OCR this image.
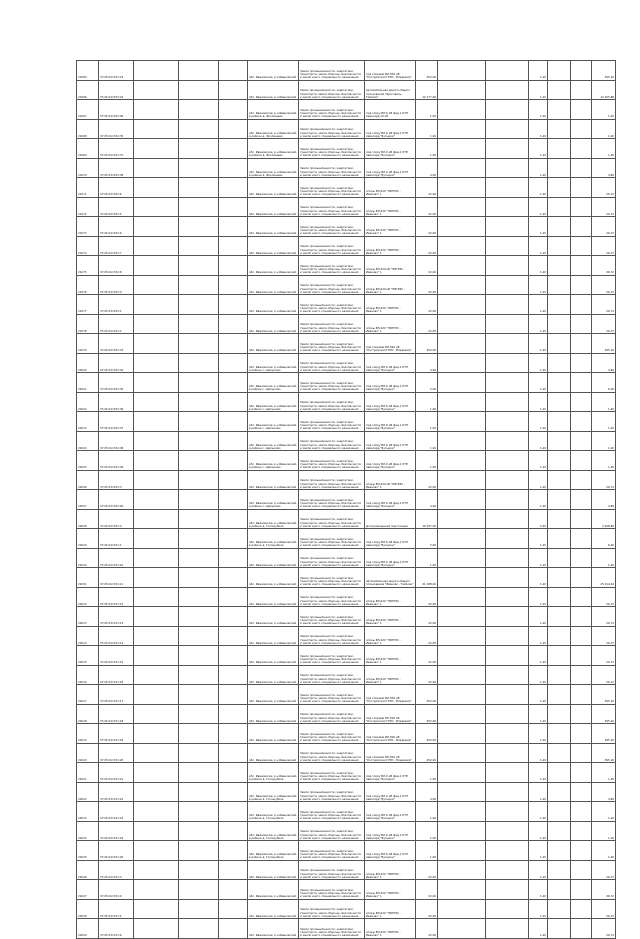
21065	37:05:011703:23				обл. Ивановская, р-н Ивановский	Земли промышленности, энергетики, транспорта, земли обороны, безопасности и земли иного специального назначения	под опорами ВЛ-500 кВ "Костромская ГРЭС - Владимир"	452.00			1,20			395,16
21066	37:05:011703:24				обл. Ивановская, р-н Ивановский	Земли промышленности, энергетики, транспорта, земли обороны, безопасности и земли иного специального назначения	автомобильная дорога общего пользования "Ярославль - Тейково"	10 177.00			1,20			12 205,88
21067	37:05:011702:36				обл. Ивановская, р-н Ивановский, в районе д. Фролищево	Земли промышленности, энергетики, транспорта, земли обороны, безопасности и земли иного специального назначения	под опору ВЛ-6 кВ фид.1 КТП Авангард 10 кВ	1.00			1,20			1,20
21068	37:05:011702:35				обл. Ивановская, р-н Ивановский, в районе д. Фролищево	Земли промышленности, энергетики, транспорта, земли обороны, безопасности и земли иного специального назначения	под опору ВЛ-6 кВ фид.1 КТП Авангард "Бутырки"	1.00			1,20			1,20
21069	37:05:011702:37				обл. Ивановская, р-н Ивановский, в районе д. Фролищево	Земли промышленности, энергетики, транспорта, земли обороны, безопасности и земли иного специального назначения	под опору ВЛ-6 кВ фид.1 КТП Авангард "Бутырки"	1.00			1,20			1,20
21070	37:05:011702:38				обл. Ивановская, р-н Ивановский, в районе д. Фролищево	Земли промышленности, энергетики, транспорта, земли обороны, безопасности и земли иного специального назначения	под опору ВЛ-6 кВ фид.1 КТП Авангард "Бутырки"	4.00			1,20			4,80
21071	37:05:011702:6				обл. Ивановская, р-н Ивановский	Земли промышленности, энергетики, транспорта, земли обороны, безопасности и земли иного специального назначения	опоры ВЛ-220 "НИГРЭС - Иваново" 1	22.00			1,20			26,72
21072	37:05:011702:5				обл. Ивановская, р-н Ивановский	Земли промышленности, энергетики, транспорта, земли обороны, безопасности и земли иного специального назначения	опоры ВЛ-220 "НИГРЭС - Иваново" 1	22.00			1,20			26,72
21073	37:05:011702:6				обл. Ивановская, р-н Ивановский	Земли промышленности, энергетики, транспорта, земли обороны, безопасности и земли иного специального назначения	опоры ВЛ-220 "НИГРЭС - Иваново" 1	22.00			1,20			26,72
21074	37:05:011702:7				обл. Ивановская, р-н Ивановский	Земли промышленности, энергетики, транспорта, земли обороны, безопасности и земли иного специального назначения	опоры ВЛ-220 "НИГРЭС - Иваново" 1	22.00			1,20			26,72
21075	37:05:011702:8				обл. Ивановская, р-н Ивановский	Земли промышленности, энергетики, транспорта, земли обороны, безопасности и земли иного специального назначения	опоры ВЛ-220 кВ "НИГРЭС - Иваново" 1	22.00			1,20			26,72
21076	37:05:011702:9				обл. Ивановская, р-н Ивановский	Земли промышленности, энергетики, транспорта, земли обороны, безопасности и земли иного специального назначения	опоры ВЛ-220 кВ "НИГРЭС - Иваново" 1	22.00			1,20			26,72
21077	37:05:011702:1				обл. Ивановская, р-н Ивановский	Земли промышленности, энергетики, транспорта, земли обороны, безопасности и земли иного специального назначения	опоры ВЛ-220 "НИГРЭС - Иваново" 1	22.00			1,20			26,72
21078	37:05:011702:2				обл. Ивановская, р-н Ивановский	Земли промышленности, энергетики, транспорта, земли обороны, безопасности и земли иного специального назначения	опоры ВЛ-220 "НИГРЭС - Иваново" 1	22.00			1,20			26,72
21079	37:05:011702:33				обл. Ивановская, р-н Ивановский	Земли промышленности, энергетики, транспорта, земли обороны, безопасности и земли иного специального назначения	под опорами ВЛ-500 кВ "Костромская ГРЭС - Владимир"	452.00			1,20			395,16
22020	37:05:011702:34				обл. Ивановская, р-н Ивановский, в районе с. Щелыково	Земли промышленности, энергетики, транспорта, земли обороны, безопасности и земли иного специального назначения	под опору ВЛ-6 кВ фид.1 КТП Авангард "Бутырки"	4.00			1,20			4,80
22021	37:05:011702:35				обл. Ивановская, р-н Ивановский, в районе с. Щелыково	Земли промышленности, энергетики, транспорта, земли обороны, безопасности и земли иного специального назначения	под опору ВЛ-6 кВ фид.1 КТП Авангард "Бутырки"	5.00			1,20			6,00
22022	37:05:011702:36				обл. Ивановская, р-н Ивановский, в районе с. Щелыково	Земли промышленности, энергетики, транспорта, земли обороны, безопасности и земли иного специального назначения	под опору ВЛ-6 кВ фид.1 КТП Авангард "Бутырки"	1.00			1,20			1,20
22023	37:05:011702:37				обл. Ивановская, р-н Ивановский, в районе с. Щелыково	Земли промышленности, энергетики, транспорта, земли обороны, безопасности и земли иного специального назначения	под опору ВЛ-6 кВ фид.1 КТП Авангард "Бутырки"	1.00			1,20			1,20
22024	37:05:011702:38				обл. Ивановская, р-н Ивановский, в районе с. Щелыково	Земли промышленности, энергетики, транспорта, земли обороны, безопасности и земли иного специального назначения	под опору ВЛ-6 кВ фид.1 КТП Авангард "Бутырки"	1.00			1,20			1,20
22025	37:05:011702:39				обл. Ивановская, р-н Ивановский, в районе с. Щелыково	Земли промышленности, энергетики, транспорта, земли обороны, безопасности и земли иного специального назначения	под опору ВЛ-6 кВ фид.1 КТП Авангард "Бутырки"	1.00			1,20			1,20
22026	37:05:011702:3				обл. Ивановская, р-н Ивановский	Земли промышленности, энергетики, транспорта, земли обороны, безопасности и земли иного специального назначения	опоры ВЛ-220 кВ "НИГРЭС - Иваново" 1	22.00			1,20			26,72
22027	37:05:011702:40				обл. Ивановская, р-н Ивановский, в районе с. Щелыково	Земли промышленности, энергетики, транспорта, земли обороны, безопасности и земли иного специального назначения	под опору ВЛ-6 кВ фид.1 КТП Авангард "Бутырки"	4.00			1,20			4,80
22028	37:05:011702:4				обл. Ивановская, р-н Ивановский, в районе д. Голошубиха	Земли промышленности, энергетики, транспорта, земли обороны, безопасности и земли иного специального назначения	Для размещения подстанции	16 037.00			0,20			3 208,80
22029	37:05:011701:1				обл. Ивановская, р-н Ивановский, в районе д. Голошубиха	Земли промышленности, энергетики, транспорта, земли обороны, безопасности и земли иного специального назначения	под опору ВЛ-6 кВ фид.1 КТП Авангард "Бутырки"	5.00			1,20			6,00
22030	37:05:011701:10				обл. Ивановская, р-н Ивановский	Земли промышленности, энергетики, транспорта, земли обороны, безопасности и земли иного специального назначения	под опору ВЛ-6 кВ фид.1 КТП Авангард "Бутырки"	1.00			1,20			1,20
22031	37:05:011701:11				обл. Ивановская, р-н Ивановский	Земли промышленности, энергетики, транспорта, земли обороны, безопасности и земли иного специального назначения	автомобильная дорога общего пользования "Иваново - Тейково"	21 188.00			1,20			25 414,44
22012	37:05:011701:12				обл. Ивановская, р-н Ивановский	Земли промышленности, энергетики, транспорта, земли обороны, безопасности и земли иного специального назначения	опоры ВЛ-220 "НИГРЭС - Иваново" 1	22.00			1,20			26,72
22013	37:05:011701:13				обл. Ивановская, р-н Ивановский	Земли промышленности, энергетики, транспорта, земли обороны, безопасности и земли иного специального назначения	опоры ВЛ-220 "НИГРЭС - Иваново" 1	22.00			1,20			26,72
22014	37:05:011701:14				обл. Ивановская, р-н Ивановский	Земли промышленности, энергетики, транспорта, земли обороны, безопасности и земли иного специального назначения	опоры ВЛ-220 "НИГРЭС - Иваново" 1	22.00			1,20			26,72
22015	37:05:011701:15				обл. Ивановская, р-н Ивановский	Земли промышленности, энергетики, транспорта, земли обороны, безопасности и земли иного специального назначения	опоры ВЛ-220 "НИГРЭС - Иваново" 1	22.00			1,20			26,72
22016	37:05:011701:16				обл. Ивановская, р-н Ивановский	Земли промышленности, энергетики, транспорта, земли обороны, безопасности и земли иного специального назначения	опоры ВЛ-220 "НИГРЭС - Иваново" 1	22.00			1,20			26,72
22017	37:05:011701:17				обл. Ивановская, р-н Ивановский	Земли промышленности, энергетики, транспорта, земли обороны, безопасности и земли иного специального назначения	под опорами ВЛ-500 кВ "Костромская ГРЭС - Владимир"	452.00			1,20			395,16
22018	37:05:011701:18				обл. Ивановская, р-н Ивановский	Земли промышленности, энергетики, транспорта, земли обороны, безопасности и земли иного специального назначения	под опорами ВЛ-500 кВ "Костромская ГРЭС - Владимир"	452.00			1,20			395,16
22019	37:05:011701:19				обл. Ивановская, р-н Ивановский	Земли промышленности, энергетики, транспорта, земли обороны, безопасности и земли иного специального назначения	под опорами ВЛ-500 кВ "Костромская ГРЭС - Владимир"	452.00			1,20			395,16
22020	37:05:011701:20				обл. Ивановская, р-н Ивановский	Земли промышленности, энергетики, транспорта, земли обороны, безопасности и земли иного специального назначения	под опорами ВЛ-500 кВ "Костромская ГРЭС - Владимир"	452.00			1,20			395,16
22021	37:05:011701:21				обл. Ивановская, р-н Ивановский, в районе д. Голошубиха	Земли промышленности, энергетики, транспорта, земли обороны, безопасности и земли иного специального назначения	под опору ВЛ-6 кВ фид.1 КТП Авангард "Бутырки"	1.00			1,20			1,20
22022	37:05:011701:22				обл. Ивановская, р-н Ивановский, в районе д. Голошубиха	Земли промышленности, энергетики, транспорта, земли обороны, безопасности и земли иного специального назначения	под опору ВЛ-6 кВ фид.1 КТП Авангард "Бутырки"	4.00			1,20			4,80
22023	37:05:011701:23				обл. Ивановская, р-н Ивановский, в районе д. Голошубиха	Земли промышленности, энергетики, транспорта, земли обороны, безопасности и земли иного специального назначения	под опору ВЛ-6 кВ фид.1 КТП Авангард "Бутырки"	1.00			1,20			1,20
22024	37:05:011701:24				обл. Ивановская, р-н Ивановский, в районе д. Голошубиха	Земли промышленности, энергетики, транспорта, земли обороны, безопасности и земли иного специального назначения	под опору ВЛ-6 кВ фид.1 КТП Авангард "Бутырки"	1.00			1,20			1,20
22025	37:05:011701:25				обл. Ивановская, р-н Ивановский, в районе д. Голошубиха	Земли промышленности, энергетики, транспорта, земли обороны, безопасности и земли иного специального назначения	под опору ВЛ-6 кВ фид.1 КТП Авангард "Бутырки"	1.00			1,20			1,20
22026	37:05:011701:3				обл. Ивановская, р-н Ивановский	Земли промышленности, энергетики, транспорта, земли обороны, безопасности и земли иного специального назначения	опоры ВЛ-220 "НИГРЭС - Иваново" 1	22.00			1,20			26,72
22027	37:05:011701:4				обл. Ивановская, р-н Ивановский	Земли промышленности, энергетики, транспорта, земли обороны, безопасности и земли иного специального назначения	опоры ВЛ-220 "НИГРЭС - Иваново" 1	22.00			1,20			26,72
22028	37:05:011701:5				обл. Ивановская, р-н Ивановский	Земли промышленности, энергетики, транспорта, земли обороны, безопасности и земли иного специального назначения	опоры ВЛ-220 "НИГРЭС - Иваново" 1	22.00			1,20			26,72
22029	37:05:011701:6				обл. Ивановская, р-н Ивановский	Земли промышленности, энергетики, транспорта, земли обороны, безопасности и земли иного специального назначения	опоры ВЛ-220 "НИГРЭС - Иваново" 1	22.00			1,20			26,72
